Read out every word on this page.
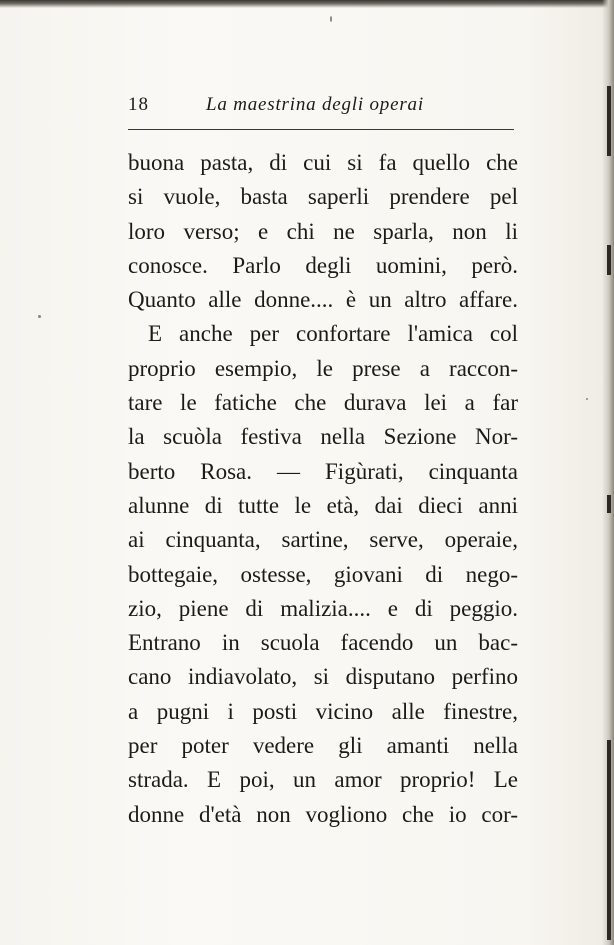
18	La maestrina degli operai
buona pasta, di cui si fa quello che
si vuole, basta saperli prendere pel
loro verso; e chi ne sparla, non li
conosce. Parlo degli uomini, però.
Quanto alle donne.... è un altro affare.
E anche per confortare l'amica col
proprio esempio, le prese a raccon-
tare le fatiche che durava lei a far
la scuòla festiva nella Sezione Nor-
berto Rosa. — Figùrati, cinquanta
alunne di tutte le età, dai dieci anni
ai cinquanta, sartine, serve, operaie,
bottegaie, ostesse, giovani di nego-
zio, piene di malizia.... e di peggio.
Entrano in scuola facendo un bac-
cano indiavolato, si disputano perfino
a pugni i posti vicino alle finestre,
per poter vedere gli amanti nella
strada. E poi, un amor proprio! Le
donne d'età non vogliono che io cor-
